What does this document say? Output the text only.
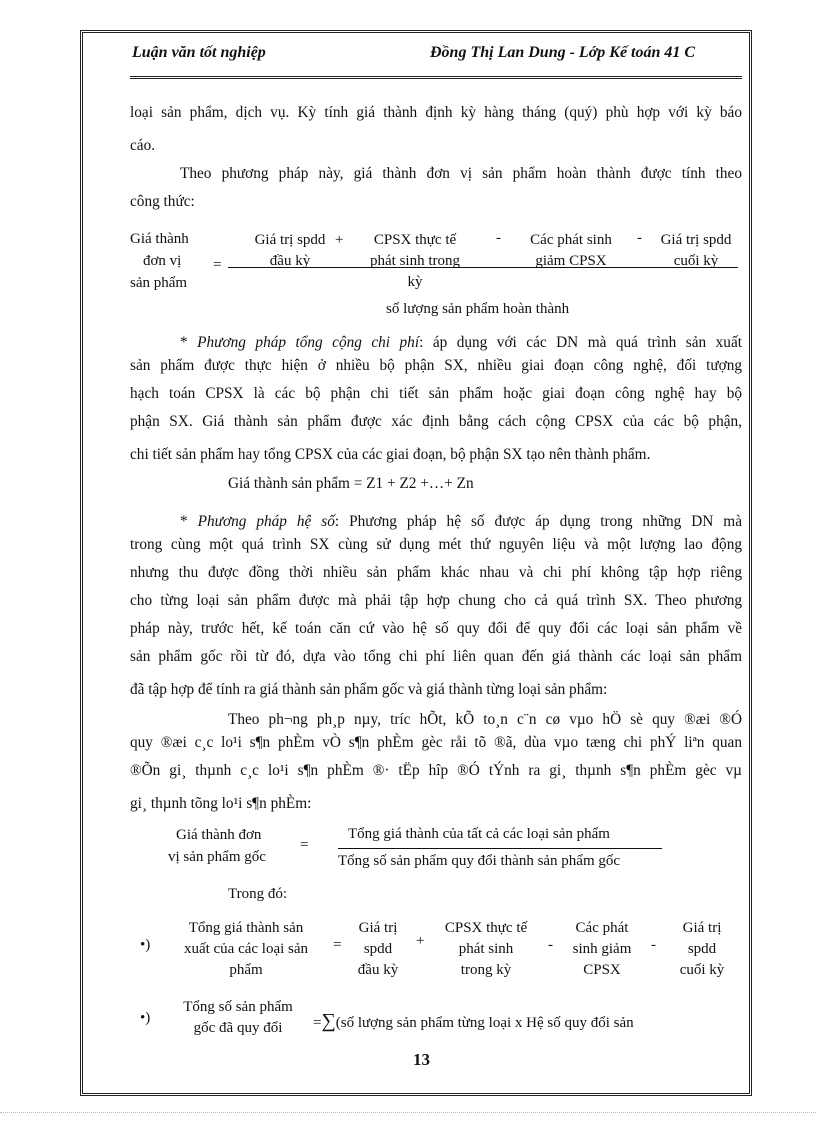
Luận văn tốt nghiệp	Đồng Thị Lan Dung - Lớp Kế toán 41 C
loại sản phẩm, dịch vụ. Kỳ tính giá thành định kỳ hàng tháng (quý) phù hợp với kỳ báo
cáo.
Theo phương pháp này, giá thành đơn vị sản phẩm hoàn thành được tính theo
công thức:
Giá thành
đơn vị
sản phẩm
=
Giá trị spdd
đầu kỳ
+	CPSX thực tế
phát sinh trong
kỳ
-	Các phát sinh
giảm CPSX
-	Giá trị spdd
cuối kỳ
số lượng sản phẩm hoàn thành
* Phương pháp tổng cộng chi phí: áp dụng với các DN mà quá trình sản xuất
sản phẩm được thực hiện ở nhiều bộ phận SX, nhiều giai đoạn công nghệ, đối tượng
hạch toán CPSX là các bộ phận chi tiết sản phẩm hoặc giai đoạn công nghệ hay bộ
phận SX. Giá thành sản phẩm được xác định bằng cách cộng CPSX của các bộ phận,
chi tiết sản phẩm hay tổng CPSX của các giai đoạn, bộ phận SX tạo nên thành phẩm.
Giá thành sản phẩm = Z1 + Z2 +…+ Zn
* Phương pháp hệ số: Phương pháp hệ số được áp dụng trong những DN mà
trong cùng một quá trình SX cùng sử dụng mét thứ nguyên liệu và một lượng lao động
nhưng thu được đồng thời nhiều sản phẩm khác nhau và chi phí không tập hợp riêng
cho từng loại sản phẩm được mà phải tập hợp chung cho cả quá trình SX. Theo phương
pháp này, trước hết, kế toán căn cứ vào hệ số quy đổi để quy đổi các loại sản phẩm về
sản phẩm gốc rồi từ đó, dựa vào tổng chi phí liên quan đến giá thành các loại sản phẩm
đã tập hợp để tính ra giá thành sản phẩm gốc và giá thành từng loại sản phẩm:
Theo ph¬ng ph¸p nµy, tríc hÕt, kÕ to¸n c¨n cø vµo hÖ sè quy ®æi ®Ó
quy ®æi c¸c lo¹i s¶n phÈm vÒ s¶n phÈm gèc råi tõ ®ã, dùa vµo tæng chi phÝ liªn quan
®Õn gi¸ thµnh c¸c lo¹i s¶n phÈm ®· tËp hîp ®Ó tÝnh ra gi¸ thµnh s¶n phÈm gèc vµ
gi¸ thµnh tõng lo¹i s¶n phÈm:
Giá thành đơn
vị sản phẩm gốc
=
Tổng giá thành của tất cả các loại sản phẩm
Tổng số sản phẩm quy đổi thành sản phẩm gốc
Trong đó:
•)
Tổng giá thành sản
xuất của các loại sản
phẩm
=
Giá trị
spdd
đầu kỳ
+
CPSX thực tế
phát sinh
trong kỳ
-
Các phát
sinh giảm
CPSX
-
Giá trị
spdd
cuối kỳ
•)
Tổng số sản phẩm
gốc đã quy đổi	=∑(số lượng sản phẩm từng loại x Hệ số quy đổi sản
13
